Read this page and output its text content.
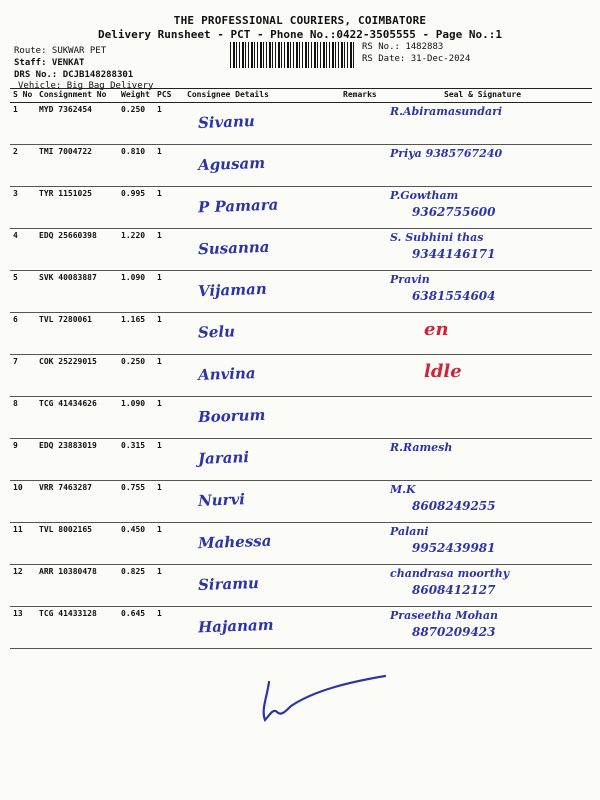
THE PROFESSIONAL COURIERS, COIMBATORE
Delivery Runsheet - PCT - Phone No.:0422-3505555 - Page No.:1
Route: SUKWAR PET
Staff: VENKAT
DRS No.: DCJB148288301
Vehicle: Big Bag Delivery
RS No.: 1482883
RS Date: 31-Dec-2024
S No	Consignment No	Weight	PCS	Consignee Details	Remarks	Seal & Signature
1	MYD 7362454	0.250	1	Sivanu		R.Abiramasundari

2	TMI 7004722	0.810	1	Agusam		Priya 9385767240

3	TYR 1151025	0.995	1	P Pamara		P.Gowtham
9362755600

4	EDQ 25660398	1.220	1	Susanna		S. Subhini thas
9344146171

5	SVK 40083887	1.090	1	Vijaman		Pravin
6381554604

6	TVL 7280061	1.165	1	Selu		en

7	COK 25229015	0.250	1	Anvina		ldle

8	TCG 41434626	1.090	1	Boorum		

9	EDQ 23883019	0.315	1	Jarani		R.Ramesh

10	VRR 7463287	0.755	1	Nurvi		M.K
8608249255

11	TVL 8002165	0.450	1	Mahessa		Palani
9952439981

12	ARR 10380478	0.825	1	Siramu		chandrasa moorthy
8608412127

13	TCG 41433128	0.645	1	Hajanam		Praseetha Mohan
8870209423
